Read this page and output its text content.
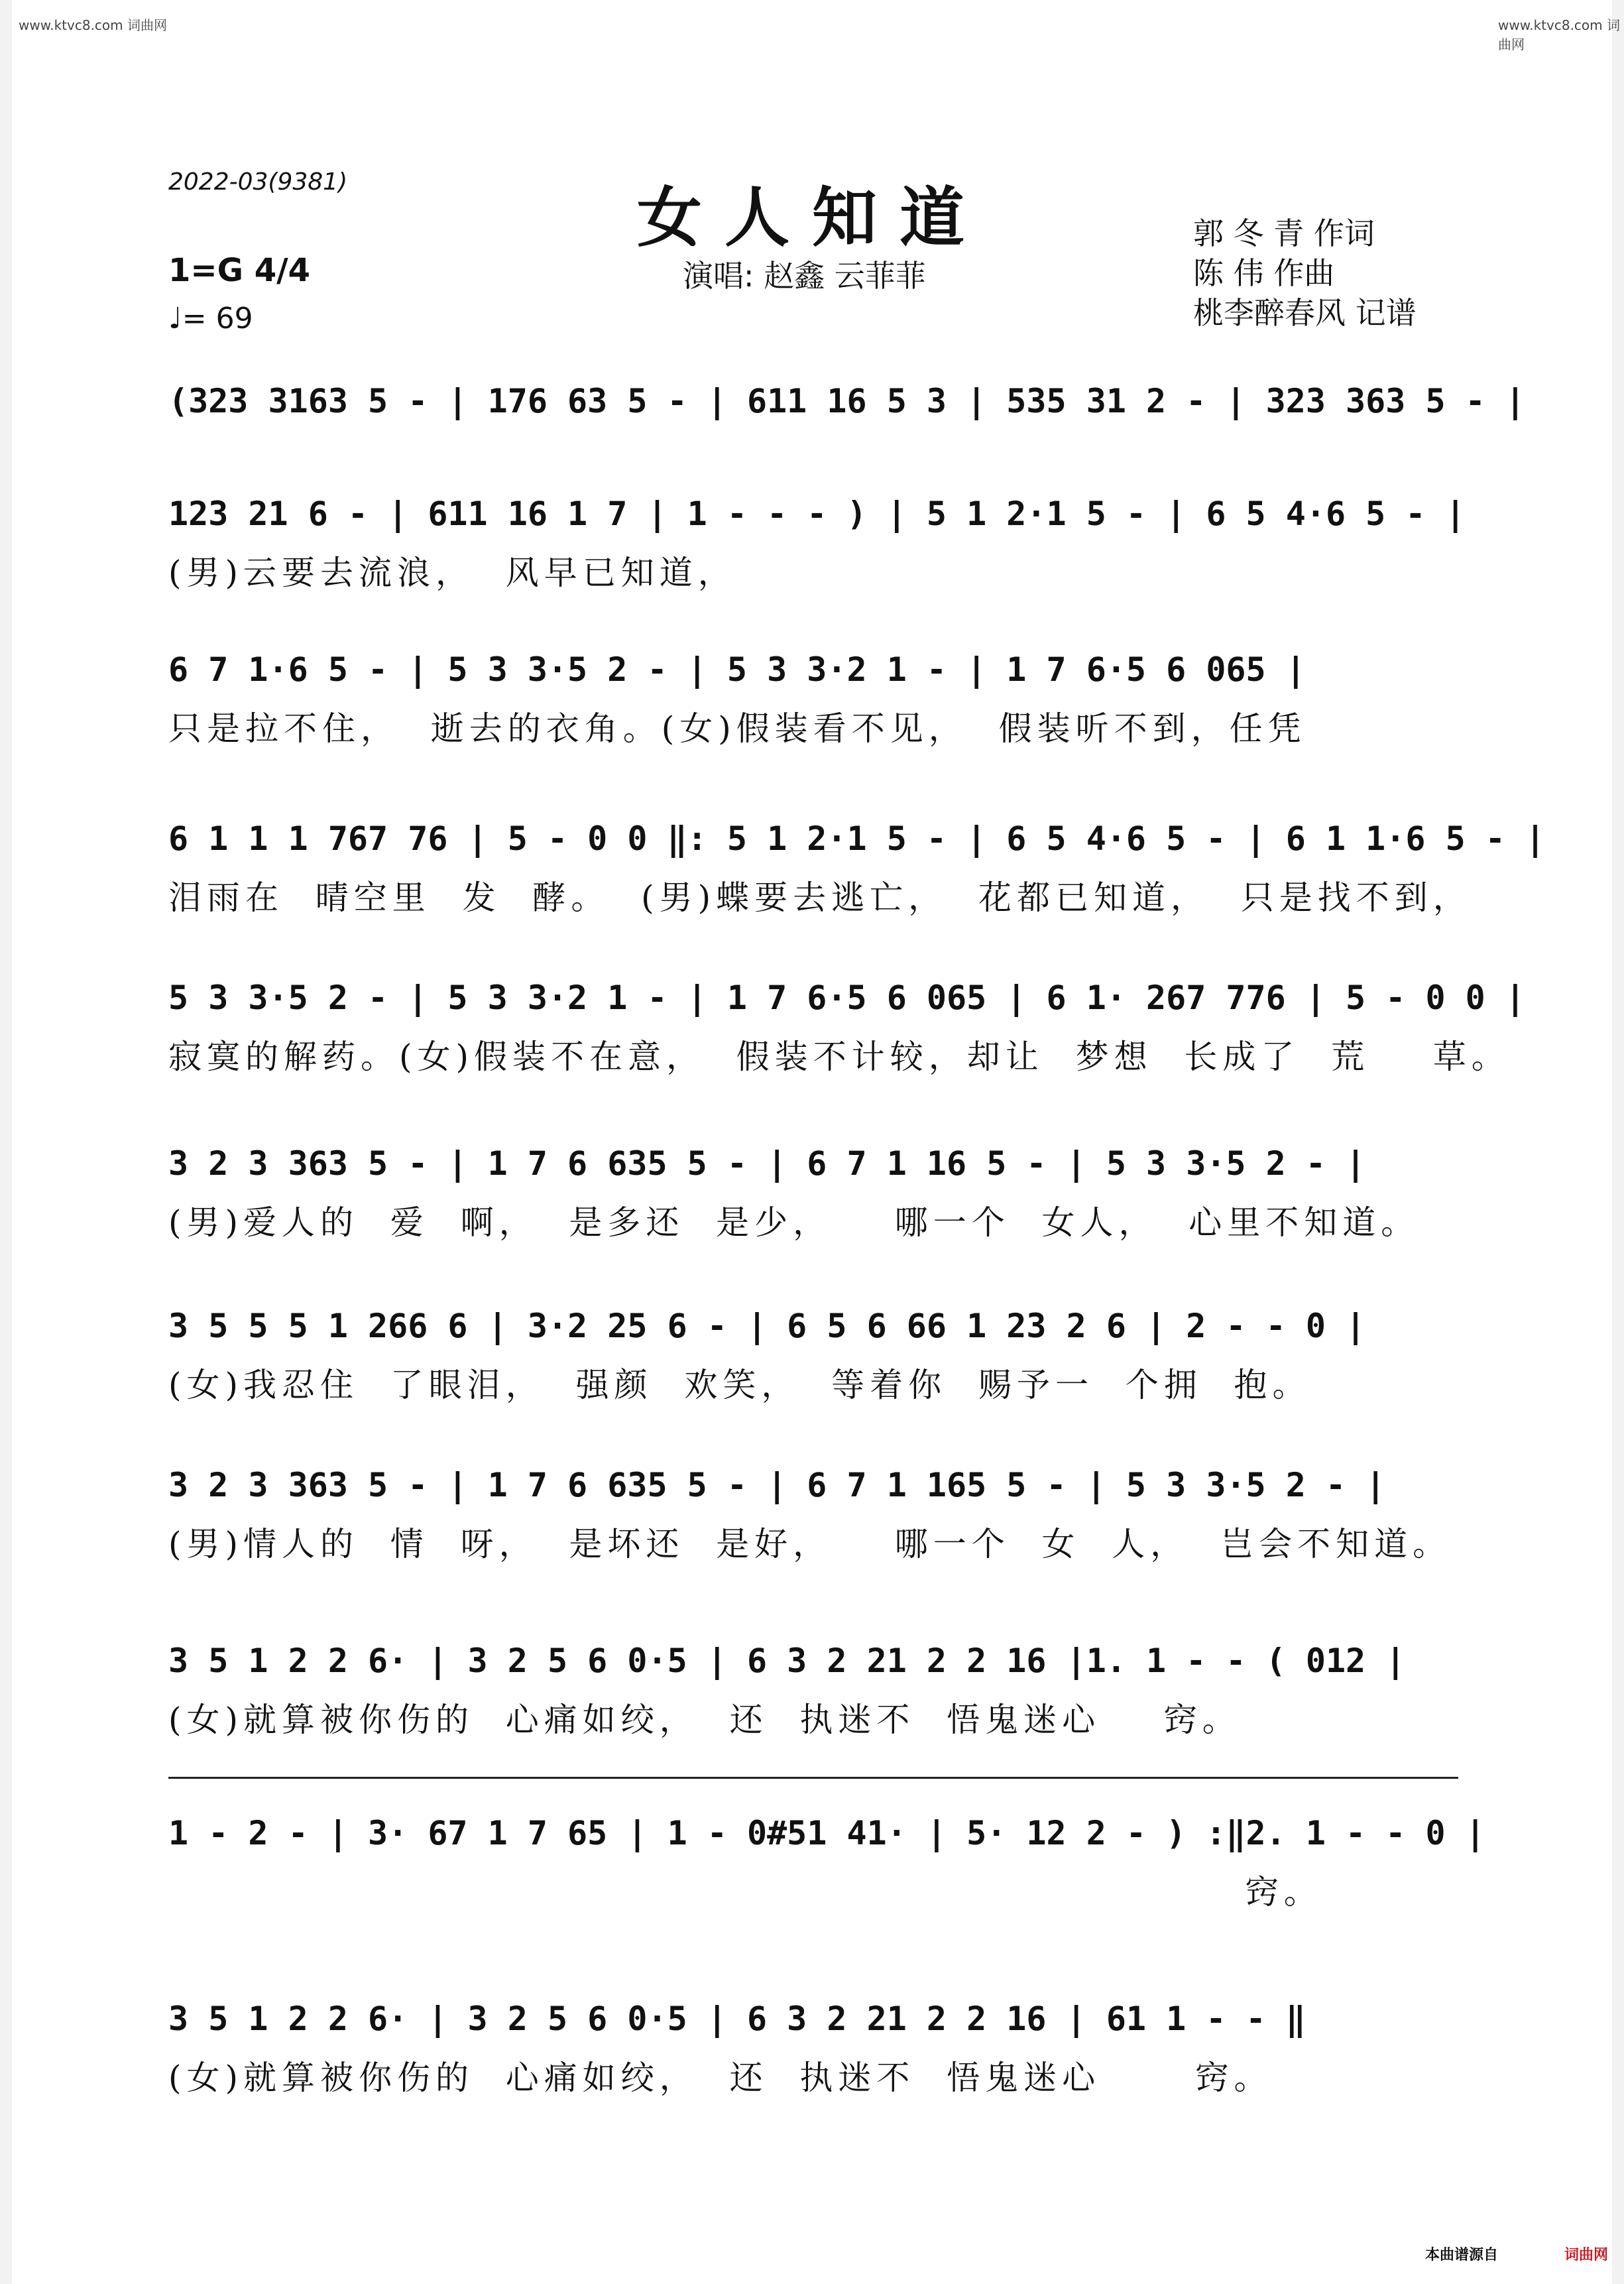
www.ktvc8.com 词曲网	www.ktvc8.com 词曲网
2022-03(9381)	女人知道
演唱: 赵鑫 云菲菲
郭 冬 青 作词
陈 伟 作曲
桃李醉春风 记谱
1=G 4/4
♩= 69
(323 3163 5 - | 176 63 5 - | 611 16 5 3 | 535 31 2 - | 323 363 5 - |
123 21 6 - | 611 16 1 7 | 1 - - - ) | 5 1 2·1 5 - | 6 5 4·6 5 - |
(男)云要去流浪，  风早已知道，
6 7 1·6 5 - | 5 3 3·5 2 - | 5 3 3·2 1 - | 1 7 6·5 6 065 |
只是拉不住，  逝去的衣角。(女)假装看不见，  假装听不到，任凭
6 1 1 1 767 76 | 5 - 0 0 ‖: 5 1 2·1 5 - | 6 5 4·6 5 - | 6 1 1·6 5 - |
泪雨在  晴空里  发  酵。  (男)蝶要去逃亡，  花都已知道，  只是找不到，
5 3 3·5 2 - | 5 3 3·2 1 - | 1 7 6·5 6 065 | 6 1· 267 776 | 5 - 0 0 |
寂寞的解药。(女)假装不在意，  假装不计较，却让  梦想  长成了  荒    草。
3 2 3 363 5 - | 1 7 6 635 5 - | 6 7 1 16 5 - | 5 3 3·5 2 - |
(男)爱人的  爱  啊，  是多还  是少，    哪一个  女人，  心里不知道。
3 5 5 5 1 266 6 | 3·2 25 6 - | 6 5 6 66 1 23 2 6 | 2 - - 0 |
(女)我忍住  了眼泪，  强颜  欢笑，  等着你  赐予一  个拥  抱。
3 2 3 363 5 - | 1 7 6 635 5 - | 6 7 1 165 5 - | 5 3 3·5 2 - |
(男)情人的  情  呀，  是坏还  是好，    哪一个  女  人，  岂会不知道。
3 5 1 2 2 6· | 3 2 5 6 0·5 | 6 3 2 21 2 2 16 |1. 1 - - ( 012 |
(女)就算被你伤的  心痛如绞，  还  执迷不  悟鬼迷心    窍。
1 - 2 - | 3· 67 1 7 65 | 1 - 0#51 41· | 5· 12 2 - ) :‖2. 1 - - 0 |
窍。
3 5 1 2 2 6· | 3 2 5 6 0·5 | 6 3 2 21 2 2 16 | 61 1 - - ‖
(女)就算被你伤的  心痛如绞，  还  执迷不  悟鬼迷心      窍。
本曲谱源自	词曲网
